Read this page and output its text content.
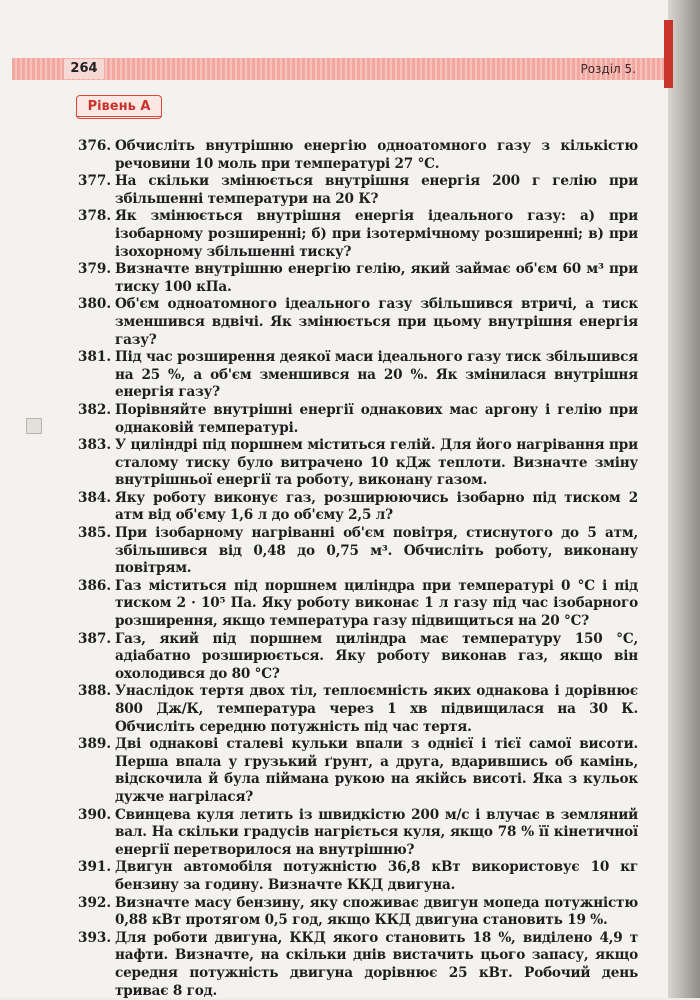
264	Розділ 5.
Рівень А
376. Обчисліть внутрішню енергію одноатомного газу з кількістю речовини 10 моль при температурі 27 °С.
377. На скільки змінюється внутрішня енергія 200 г гелію при збільшенні температури на 20 К?
378. Як змінюється внутрішня енергія ідеального газу: а) при ізобарному розширенні; б) при ізотермічному розширенні; в) при ізохорному збільшенні тиску?
379. Визначте внутрішню енергію гелію, який займає об'єм 60 м³ при тиску 100 кПа.
380. Об'єм одноатомного ідеального газу збільшився втричі, а тиск зменшився вдвічі. Як змінюється при цьому внутрішня енергія газу?
381. Під час розширення деякої маси ідеального газу тиск збільшився на 25 %, а об'єм зменшився на 20 %. Як змінилася внутрішня енергія газу?
382. Порівняйте внутрішні енергії однакових мас аргону і гелію при однаковій температурі.
383. У циліндрі під поршнем міститься гелій. Для його нагрівання при сталому тиску було витрачено 10 кДж теплоти. Визначте зміну внутрішньої енергії та роботу, виконану газом.
384. Яку роботу виконує газ, розширюючись ізобарно під тиском 2 атм від об'єму 1,6 л до об'єму 2,5 л?
385. При ізобарному нагріванні об'єм повітря, стиснутого до 5 атм, збільшився від 0,48 до 0,75 м³. Обчисліть роботу, виконану повітрям.
386. Газ міститься під поршнем циліндра при температурі 0 °С і під тиском 2 · 10⁵ Па. Яку роботу виконає 1 л газу під час ізобарного розширення, якщо температура газу підвищиться на 20 °С?
387. Газ, який під поршнем циліндра має температуру 150 °С, адіабатно розширюється. Яку роботу виконав газ, якщо він охолодився до 80 °С?
388. Унаслідок тертя двох тіл, теплоємність яких однакова і дорівнює 800 Дж/К, температура через 1 хв підвищилася на 30 К. Обчисліть середню потужність під час тертя.
389. Дві однакові сталеві кульки впали з однієї і тієї самої висоти. Перша впала у грузький ґрунт, а друга, вдарившись об камінь, відскочила й була піймана рукою на якійсь висоті. Яка з кульок дужче нагрілася?
390. Свинцева куля летить із швидкістю 200 м/с і влучає в земляний вал. На скільки градусів нагріється куля, якщо 78 % її кінетичної енергії перетворилося на внутрішню?
391. Двигун автомобіля потужністю 36,8 кВт використовує 10 кг бензину за годину. Визначте ККД двигуна.
392. Визначте масу бензину, яку споживає двигун мопеда потужністю 0,88 кВт протягом 0,5 год, якщо ККД двигуна становить 19 %.
393. Для роботи двигуна, ККД якого становить 18 %, виділено 4,9 т нафти. Визначте, на скільки днів вистачить цього запасу, якщо середня потужність двигуна дорівнює 25 кВт. Робочий день триває 8 год.
